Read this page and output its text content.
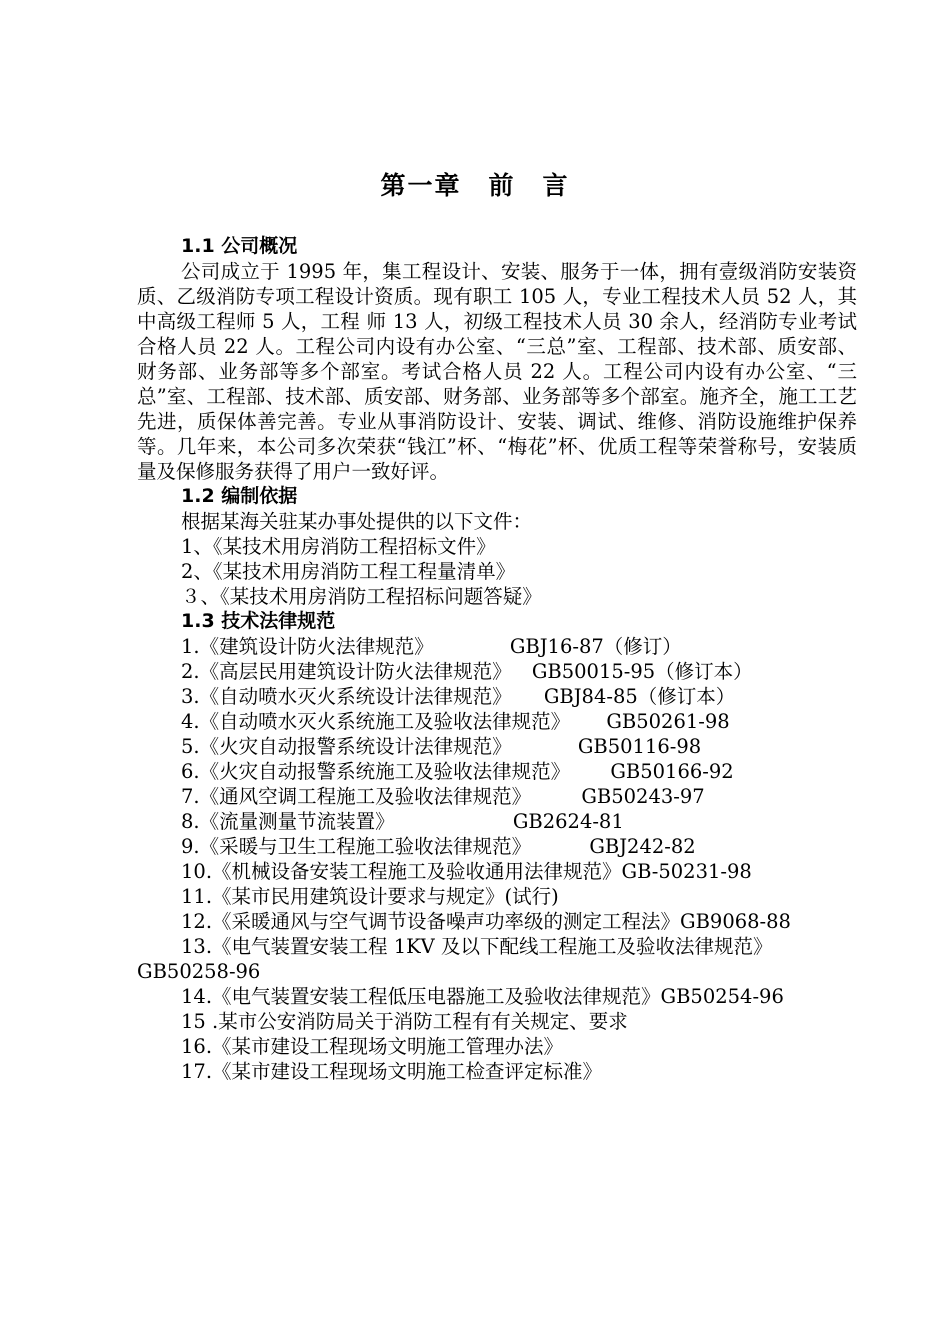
第一章　前　言
1.1 公司概况
公司成立于 1995 年，集工程设计、安装、服务于一体，拥有壹级消防安装资质、乙级消防专项工程设计资质。现有职工 105 人，专业工程技术人员 52 人，其中高级工程师 5 人，工程 师 13 人，初级工程技术人员 30 余人，经消防专业考试合格人员 22 人。工程公司内设有办公室、“三总”室、工程部、技术部、质安部、财务部、业务部等多个部室。考试合格人员 22 人。工程公司内设有办公室、“三总”室、工程部、技术部、质安部、财务部、业务部等多个部室。施齐全，施工工艺先进，质保体善完善。专业从事消防设计、安装、调试、维修、消防设施维护保养等。几年来，本公司多次荣获“钱江”杯、“梅花”杯、优质工程等荣誉称号，安装质量及保修服务获得了用户一致好评。
1.2 编制依据
根据某海关驻某办事处提供的以下文件：
1、《某技术用房消防工程招标文件》
2、《某技术用房消防工程工程量清单》
３、《某技术用房消防工程招标问题答疑》
1.3 技术法律规范
1.《建筑设计防火法律规范》	GBJ16-87（修订）
2.《高层民用建筑设计防火法律规范》 GB50015-95（修订本）
3.《自动喷水灭火系统设计法律规范》 GBJ84-85（修订本）
4.《自动喷水灭火系统施工及验收法律规范》 GB50261-98
5.《火灾自动报警系统设计法律规范》	GB50116-98
6.《火灾自动报警系统施工及验收法律规范》 GB50166-92
7.《通风空调工程施工及验收法律规范》	GB50243-97
8.《流量测量节流装置》	GB2624-81
9.《采暖与卫生工程施工验收法律规范》	GBJ242-82
10.《机械设备安装工程施工及验收通用法律规范》GB-50231-98
11.《某市民用建筑设计要求与规定》(试行)
12.《采暖通风与空气调节设备噪声功率级的测定工程法》GB9068-88
13.《电气装置安装工程 1KV 及以下配线工程施工及验收法律规范》GB50258-96
14.《电气装置安装工程低压电器施工及验收法律规范》GB50254-96
15 .某市公安消防局关于消防工程有有关规定、要求
16.《某市建设工程现场文明施工管理办法》
17.《某市建设工程现场文明施工检查评定标准》
